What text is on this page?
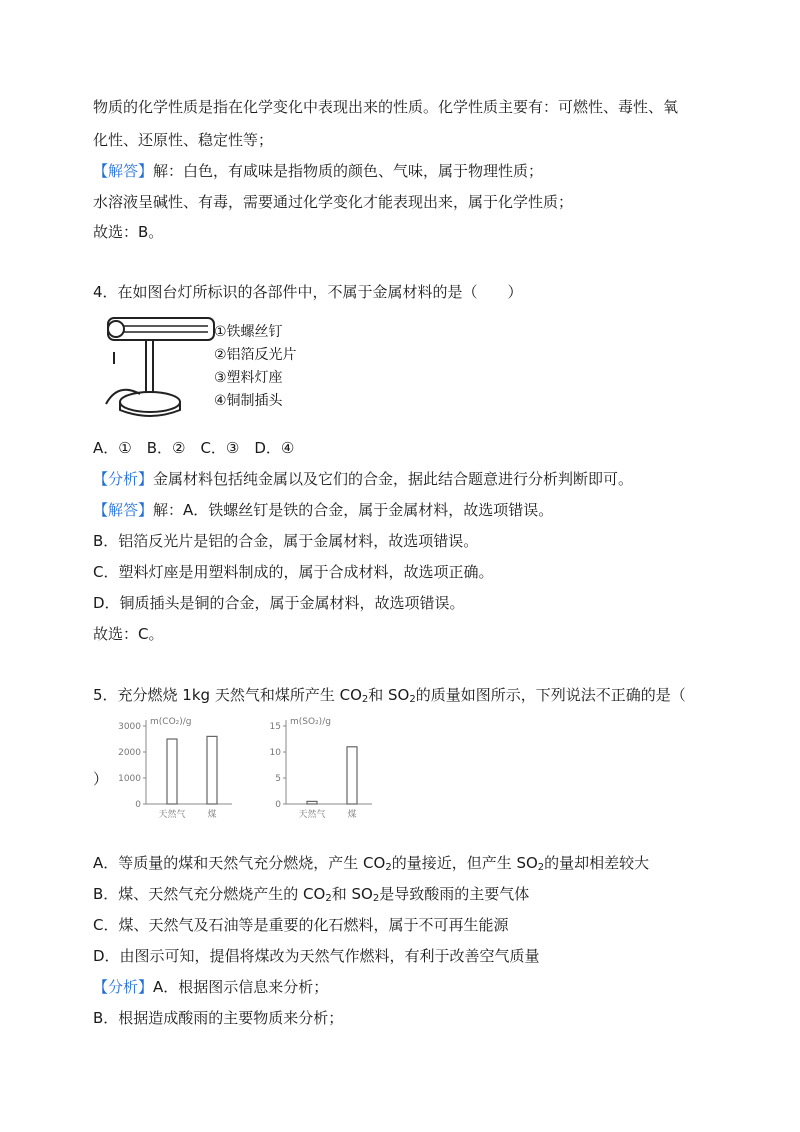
物质的化学性质是指在化学变化中表现出来的性质。化学性质主要有：可燃性、毒性、氧
化性、还原性、稳定性等；
【解答】解：白色，有咸味是指物质的颜色、气味，属于物理性质；
水溶液呈碱性、有毒，需要通过化学变化才能表现出来，属于化学性质；
故选：B。
4．在如图台灯所标识的各部件中，不属于金属材料的是（　　）
①铁螺丝钉
②铝箔反光片
③塑料灯座
④铜制插头
A．①　B．②　C．③　D．④
【分析】金属材料包括纯金属以及它们的合金，据此结合题意进行分析判断即可。
【解答】解：A．铁螺丝钉是铁的合金，属于金属材料，故选项错误。
B．铝箔反光片是铝的合金，属于金属材料，故选项错误。
C．塑料灯座是用塑料制成的，属于合成材料，故选项正确。
D．铜质插头是铜的合金，属于金属材料，故选项错误。
故选：C。
5．充分燃烧 1kg 天然气和煤所产生 $CO_2$和 $SO_2$的质量如图所示，下列说法不正确的是（
）
m(CO₂)/g
3000
2000
1000
0
天然气 煤
m(SO₂)/g
15
10
5
0
天然气 煤
A．等质量的煤和天然气充分燃烧，产生 $CO_2$的量接近，但产生 $SO_2$的量却相差较大
B．煤、天然气充分燃烧产生的 $CO_2$和 $SO_2$是导致酸雨的主要气体
C．煤、天然气及石油等是重要的化石燃料，属于不可再生能源
D．由图示可知，提倡将煤改为天然气作燃料，有利于改善空气质量
【分析】A．根据图示信息来分析；
B．根据造成酸雨的主要物质来分析；
